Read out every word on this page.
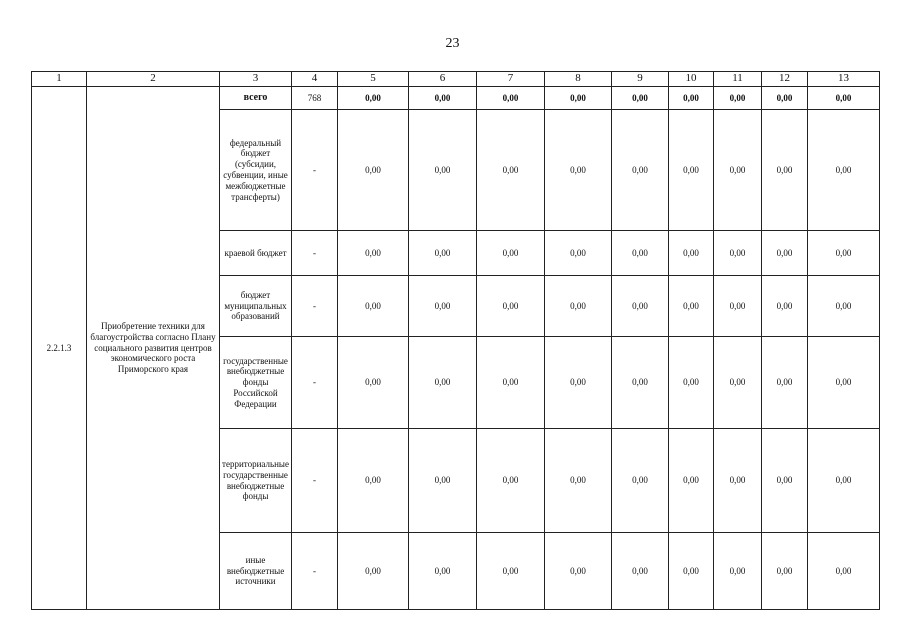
23
1	2	3	4	5	6	7	8	9	10	11	12	13
2.2.1.3	Приобретение техники для благоустройства согласно Плану социального развития центров экономического роста Приморского края	всего	768	0,00	0,00	0,00	0,00	0,00	0,00	0,00	0,00	0,00
		федеральный бюджет (субсидии, субвенции, иные межбюджетные трансферты)	-	0,00	0,00	0,00	0,00	0,00	0,00	0,00	0,00	0,00
		краевой бюджет	-	0,00	0,00	0,00	0,00	0,00	0,00	0,00	0,00	0,00
		бюджет муниципальных образований	-	0,00	0,00	0,00	0,00	0,00	0,00	0,00	0,00	0,00
		государственные внебюджетные фонды Российской Федерации	-	0,00	0,00	0,00	0,00	0,00	0,00	0,00	0,00	0,00
		территориальные государственные внебюджетные фонды	-	0,00	0,00	0,00	0,00	0,00	0,00	0,00	0,00	0,00
		иные внебюджетные источники	-	0,00	0,00	0,00	0,00	0,00	0,00	0,00	0,00	0,00
